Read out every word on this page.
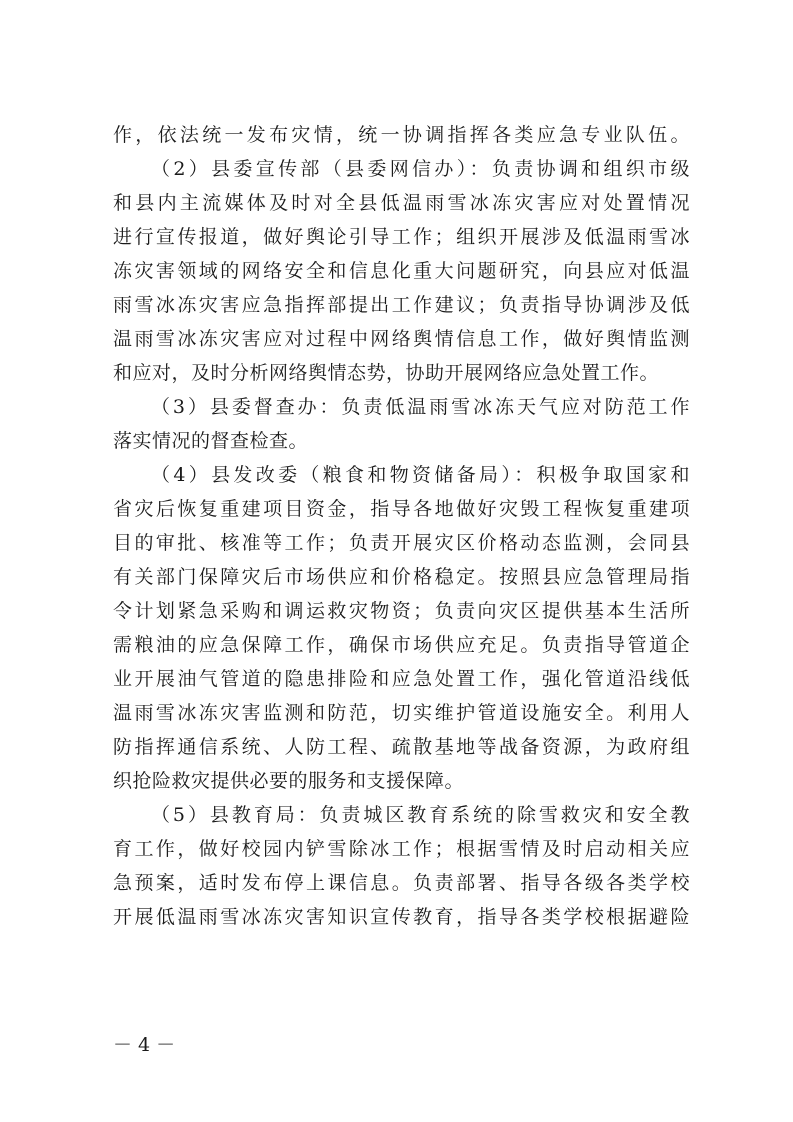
作，依法统一发布灾情，统一协调指挥各类应急专业队伍。
（2）县委宣传部（县委网信办）：负责协调和组织市级
和县内主流媒体及时对全县低温雨雪冰冻灾害应对处置情况
进行宣传报道，做好舆论引导工作；组织开展涉及低温雨雪冰
冻灾害领域的网络安全和信息化重大问题研究，向县应对低温
雨雪冰冻灾害应急指挥部提出工作建议；负责指导协调涉及低
温雨雪冰冻灾害应对过程中网络舆情信息工作，做好舆情监测
和应对，及时分析网络舆情态势，协助开展网络应急处置工作。
（3）县委督查办：负责低温雨雪冰冻天气应对防范工作
落实情况的督查检查。
（4）县发改委（粮食和物资储备局）：积极争取国家和
省灾后恢复重建项目资金，指导各地做好灾毁工程恢复重建项
目的审批、核准等工作；负责开展灾区价格动态监测，会同县
有关部门保障灾后市场供应和价格稳定。按照县应急管理局指
令计划紧急采购和调运救灾物资；负责向灾区提供基本生活所
需粮油的应急保障工作，确保市场供应充足。负责指导管道企
业开展油气管道的隐患排险和应急处置工作，强化管道沿线低
温雨雪冰冻灾害监测和防范，切实维护管道设施安全。利用人
防指挥通信系统、人防工程、疏散基地等战备资源，为政府组
织抢险救灾提供必要的服务和支援保障。
（5）县教育局：负责城区教育系统的除雪救灾和安全教
育工作，做好校园内铲雪除冰工作；根据雪情及时启动相关应
急预案，适时发布停上课信息。负责部署、指导各级各类学校
开展低温雨雪冰冻灾害知识宣传教育，指导各类学校根据避险
－ 4 －
